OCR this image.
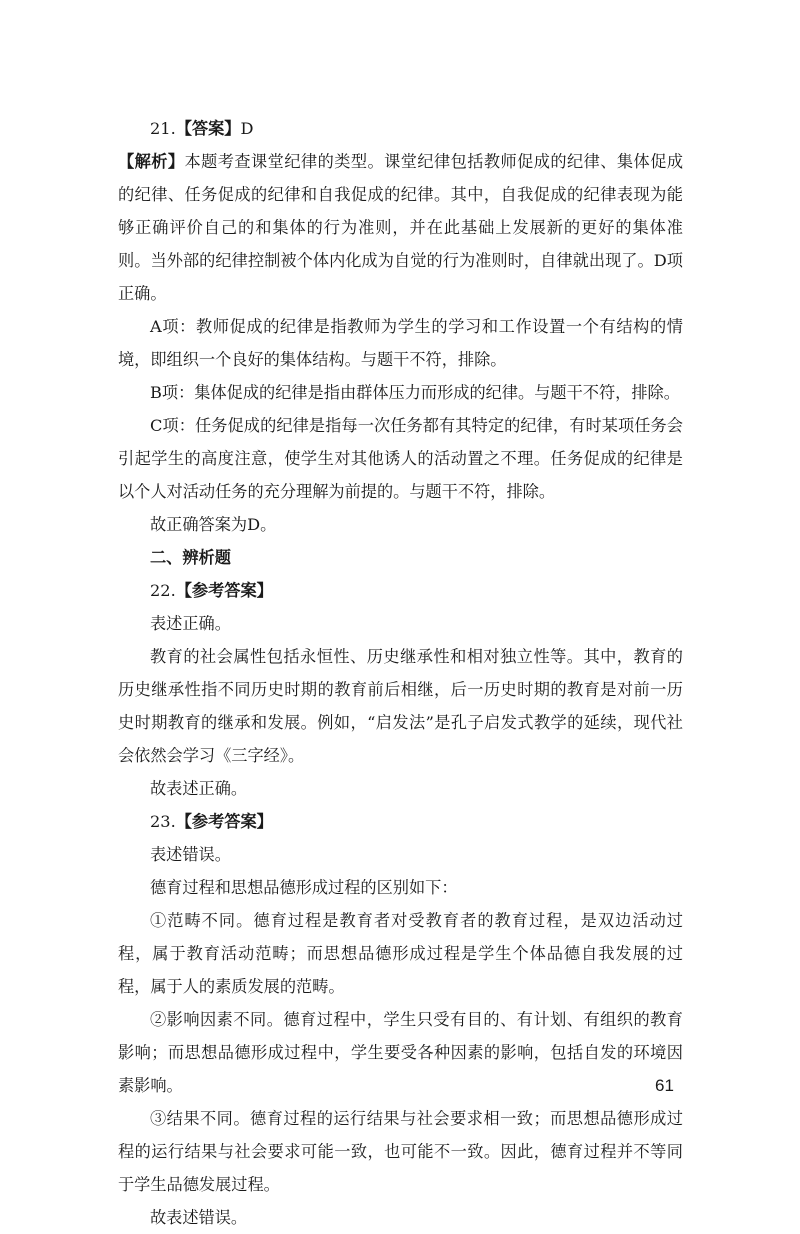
21.【答案】D

【解析】本题考查课堂纪律的类型。课堂纪律包括教师促成的纪律、集体促成的纪律、任务促成的纪律和自我促成的纪律。其中，自我促成的纪律表现为能够正确评价自己的和集体的行为准则，并在此基础上发展新的更好的集体准则。当外部的纪律控制被个体内化成为自觉的行为准则时，自律就出现了。D项正确。

A项：教师促成的纪律是指教师为学生的学习和工作设置一个有结构的情境，即组织一个良好的集体结构。与题干不符，排除。

B项：集体促成的纪律是指由群体压力而形成的纪律。与题干不符，排除。

C项：任务促成的纪律是指每一次任务都有其特定的纪律，有时某项任务会引起学生的高度注意，使学生对其他诱人的活动置之不理。任务促成的纪律是以个人对活动任务的充分理解为前提的。与题干不符，排除。

故正确答案为D。

二、辨析题

22.【参考答案】

表述正确。

教育的社会属性包括永恒性、历史继承性和相对独立性等。其中，教育的历史继承性指不同历史时期的教育前后相继，后一历史时期的教育是对前一历史时期教育的继承和发展。例如，“启发法”是孔子启发式教学的延续，现代社会依然会学习《三字经》。

故表述正确。

23.【参考答案】

表述错误。

德育过程和思想品德形成过程的区别如下：

①范畴不同。德育过程是教育者对受教育者的教育过程，是双边活动过程，属于教育活动范畴；而思想品德形成过程是学生个体品德自我发展的过程，属于人的素质发展的范畴。

②影响因素不同。德育过程中，学生只受有目的、有计划、有组织的教育影响；而思想品德形成过程中，学生要受各种因素的影响，包括自发的环境因素影响。

③结果不同。德育过程的运行结果与社会要求相一致；而思想品德形成过程的运行结果与社会要求可能一致，也可能不一致。因此，德育过程并不等同于学生品德发展过程。

故表述错误。

61
